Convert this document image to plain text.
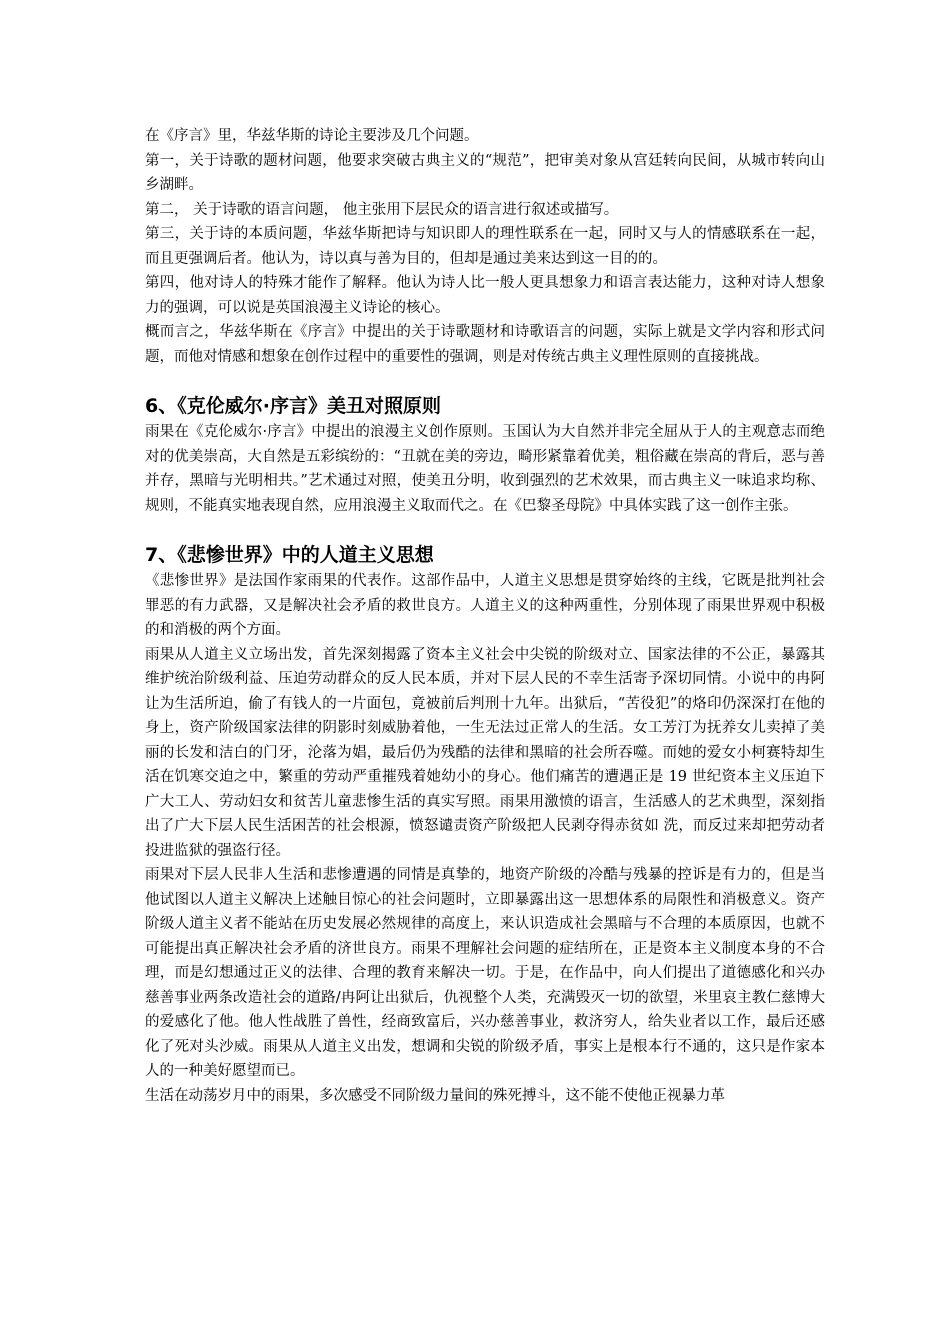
在《序言》里，华兹华斯的诗论主要涉及几个问题。

第一，关于诗歌的题材问题，他要求突破古典主义的“规范”，把审美对象从宫廷转向民间，从城市转向山乡湖畔。

第二， 关于诗歌的语言问题， 他主张用下层民众的语言进行叙述或描写。

第三，关于诗的本质问题，华兹华斯把诗与知识即人的理性联系在一起，同时又与人的情感联系在一起，而且更强调后者。他认为，诗以真与善为目的，但却是通过美来达到这一目的的。

第四，他对诗人的特殊才能作了解释。他认为诗人比一般人更具想象力和语言表达能力，这种对诗人想象力的强调，可以说是英国浪漫主义诗论的核心。

概而言之，华兹华斯在《序言》中提出的关于诗歌题材和诗歌语言的问题，实际上就是文学内容和形式问题，而他对情感和想象在创作过程中的重要性的强调，则是对传统古典主义理性原则的直接挑战。

6、《克伦威尔·序言》美丑对照原则

雨果在《克伦威尔·序言》中提出的浪漫主义创作原则。玉国认为大自然并非完全屈从于人的主观意志而绝对的优美崇高，大自然是五彩缤纷的：“丑就在美的旁边，畸形紧靠着优美，粗俗藏在崇高的背后，恶与善并存，黑暗与光明相共。”艺术通过对照，使美丑分明，收到强烈的艺术效果，而古典主义一味追求均称、规则，不能真实地表现自然，应用浪漫主义取而代之。在《巴黎圣母院》中具体实践了这一创作主张。

7、《悲惨世界》中的人道主义思想

《悲惨世界》是法国作家雨果的代表作。这部作品中，人道主义思想是贯穿始终的主线，它既是批判社会罪恶的有力武器，又是解决社会矛盾的救世良方。人道主义的这种两重性，分别体现了雨果世界观中积极的和消极的两个方面。

雨果从人道主义立场出发，首先深刻揭露了资本主义社会中尖锐的阶级对立、国家法律的不公正，暴露其维护统治阶级利益、压迫劳动群众的反人民本质，并对下层人民的不幸生活寄予深切同情。小说中的冉阿让为生活所迫，偷了有钱人的一片面包，竟被前后判刑十九年。出狱后，“苦役犯”的烙印仍深深打在他的身上，资产阶级国家法律的阴影时刻威胁着他，一生无法过正常人的生活。女工芳汀为抚养女儿卖掉了美丽的长发和洁白的门牙，沦落为娼，最后仍为残酷的法律和黑暗的社会所吞噬。而她的爱女小柯赛特却生活在饥寒交迫之中，繁重的劳动严重摧残着她幼小的身心。他们痛苦的遭遇正是 19 世纪资本主义压迫下广大工人、劳动妇女和贫苦儿童悲惨生活的真实写照。雨果用激愤的语言，生活感人的艺术典型，深刻指出了广大下层人民生活困苦的社会根源，愤怒谴责资产阶级把人民剥夺得赤贫如 洗，而反过来却把劳动者投进监狱的强盗行径。

雨果对下层人民非人生活和悲惨遭遇的同情是真挚的，地资产阶级的冷酷与残暴的控诉是有力的，但是当他试图以人道主义解决上述触目惊心的社会问题时，立即暴露出这一思想体系的局限性和消极意义。资产阶级人道主义者不能站在历史发展必然规律的高度上，来认识造成社会黑暗与不合理的本质原因，也就不可能提出真正解决社会矛盾的济世良方。雨果不理解社会问题的症结所在，正是资本主义制度本身的不合理，而是幻想通过正义的法律、合理的教育来解决一切。于是，在作品中，向人们提出了道德感化和兴办慈善事业两条改造社会的道路/冉阿让出狱后，仇视整个人类，充满毁灭一切的欲望，米里哀主教仁慈博大的爱感化了他。他人性战胜了兽性，经商致富后，兴办慈善事业，救济穷人，给失业者以工作，最后还感化了死对头沙威。雨果从人道主义出发，想调和尖锐的阶级矛盾，事实上是根本行不通的，这只是作家本人的一种美好愿望而已。

生活在动荡岁月中的雨果，多次感受不同阶级力量间的殊死搏斗，这不能不使他正视暴力革
